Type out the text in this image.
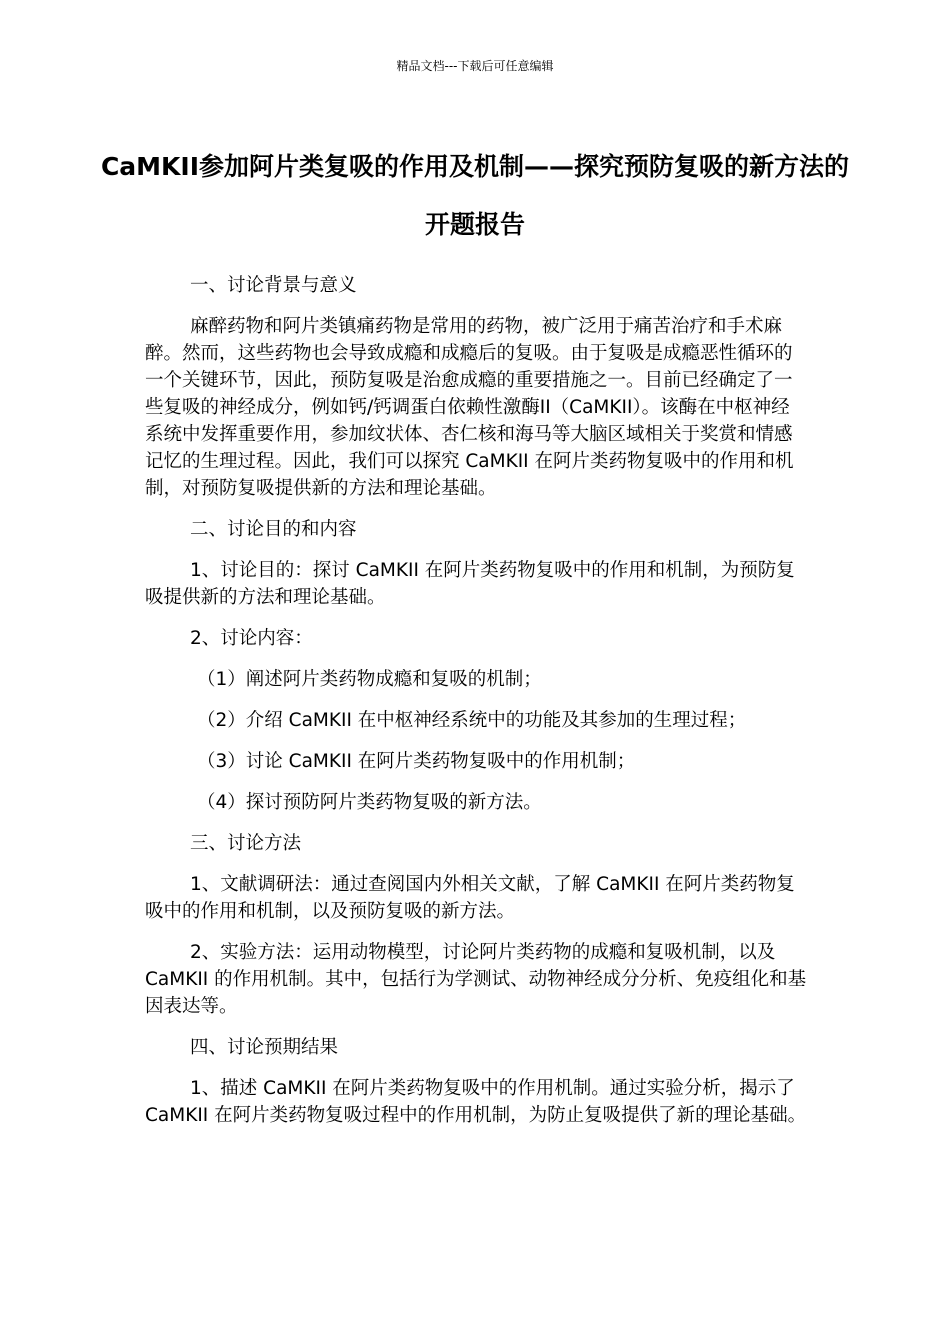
精品文档---下载后可任意编辑
CaMKII参加阿片类复吸的作用及机制——探究预防复吸的新方法的开题报告

一、讨论背景与意义

麻醉药物和阿片类镇痛药物是常用的药物，被广泛用于痛苦治疗和手术麻醉。然而，这些药物也会导致成瘾和成瘾后的复吸。由于复吸是成瘾恶性循环的一个关键环节，因此，预防复吸是治愈成瘾的重要措施之一。目前已经确定了一些复吸的神经成分，例如钙/钙调蛋白依赖性激酶II（CaMKII）。该酶在中枢神经系统中发挥重要作用，参加纹状体、杏仁核和海马等大脑区域相关于奖赏和情感记忆的生理过程。因此，我们可以探究 CaMKII 在阿片类药物复吸中的作用和机制，对预防复吸提供新的方法和理论基础。

二、讨论目的和内容

1、讨论目的：探讨 CaMKII 在阿片类药物复吸中的作用和机制，为预防复吸提供新的方法和理论基础。

2、讨论内容：

（1）阐述阿片类药物成瘾和复吸的机制；

（2）介绍 CaMKII 在中枢神经系统中的功能及其参加的生理过程；

（3）讨论 CaMKII 在阿片类药物复吸中的作用机制；

（4）探讨预防阿片类药物复吸的新方法。

三、讨论方法

1、文献调研法：通过查阅国内外相关文献，了解 CaMKII 在阿片类药物复吸中的作用和机制，以及预防复吸的新方法。

2、实验方法：运用动物模型，讨论阿片类药物的成瘾和复吸机制，以及 CaMKII 的作用机制。其中，包括行为学测试、动物神经成分分析、免疫组化和基因表达等。

四、讨论预期结果

1、描述 CaMKII 在阿片类药物复吸中的作用机制。通过实验分析，揭示了 CaMKII 在阿片类药物复吸过程中的作用机制，为防止复吸提供了新的理论基础。
